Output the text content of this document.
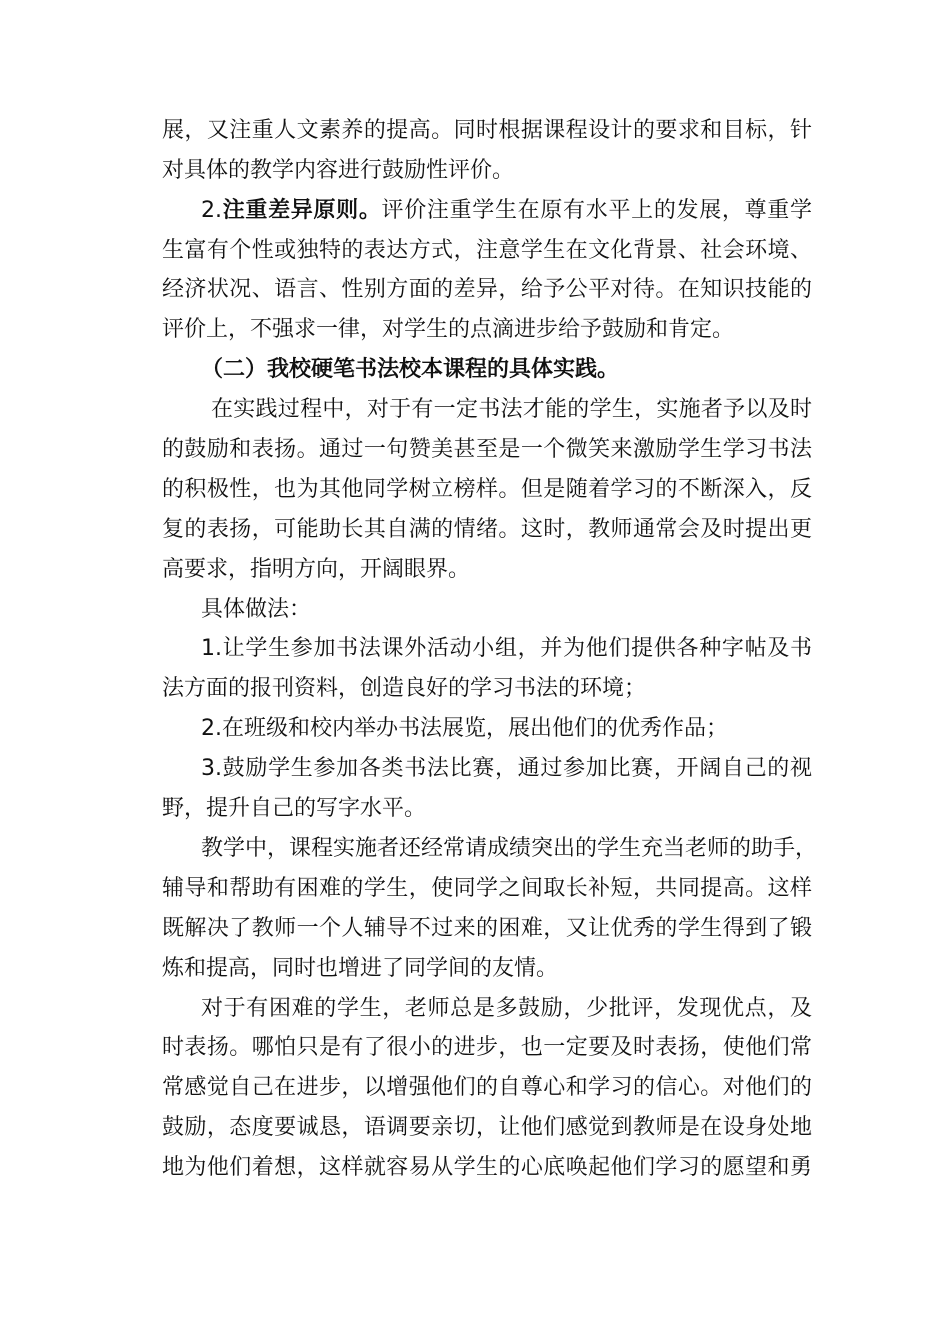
展，又注重人文素养的提高。同时根据课程设计的要求和目标，针
对具体的教学内容进行鼓励性评价。
2.注重差异原则。评价注重学生在原有水平上的发展，尊重学
生富有个性或独特的表达方式，注意学生在文化背景、社会环境、
经济状况、语言、性别方面的差异，给予公平对待。在知识技能的
评价上，不强求一律，对学生的点滴进步给予鼓励和肯定。
（二）我校硬笔书法校本课程的具体实践。
在实践过程中，对于有一定书法才能的学生，实施者予以及时
的鼓励和表扬。通过一句赞美甚至是一个微笑来激励学生学习书法
的积极性，也为其他同学树立榜样。但是随着学习的不断深入，反
复的表扬，可能助长其自满的情绪。这时，教师通常会及时提出更
高要求，指明方向，开阔眼界。
具体做法：
1.让学生参加书法课外活动小组，并为他们提供各种字帖及书
法方面的报刊资料，创造良好的学习书法的环境；
2.在班级和校内举办书法展览，展出他们的优秀作品；
3.鼓励学生参加各类书法比赛，通过参加比赛，开阔自己的视
野，提升自己的写字水平。
教学中，课程实施者还经常请成绩突出的学生充当老师的助手，
辅导和帮助有困难的学生，使同学之间取长补短，共同提高。这样
既解决了教师一个人辅导不过来的困难，又让优秀的学生得到了锻
炼和提高，同时也增进了同学间的友情。
对于有困难的学生，老师总是多鼓励，少批评，发现优点，及
时表扬。哪怕只是有了很小的进步，也一定要及时表扬，使他们常
常感觉自己在进步，以增强他们的自尊心和学习的信心。对他们的
鼓励，态度要诚恳，语调要亲切，让他们感觉到教师是在设身处地
地为他们着想，这样就容易从学生的心底唤起他们学习的愿望和勇
